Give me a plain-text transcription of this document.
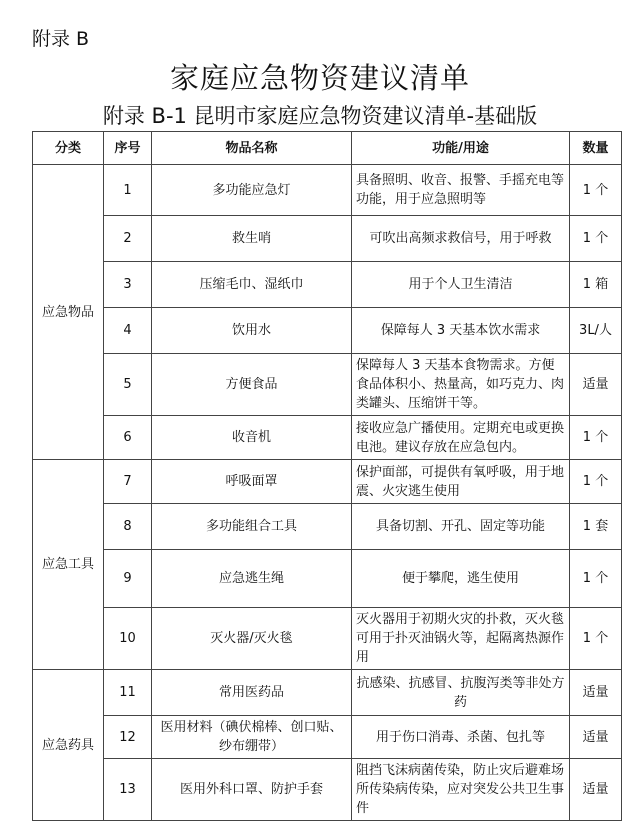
附录 B
家庭应急物资建议清单
附录 B-1 昆明市家庭应急物资建议清单-基础版
分类	序号	物品名称	功能/用途	数量
应急物品	1	多功能应急灯	具备照明、收音、报警、手摇充电等功能，用于应急照明等	1 个
	2	救生哨	可吹出高频求救信号，用于呼救	1 个
	3	压缩毛巾、湿纸巾	用于个人卫生清洁	1 箱
	4	饮用水	保障每人 3 天基本饮水需求	3L/人
	5	方便食品	保障每人 3 天基本食物需求。方便食品体积小、热量高，如巧克力、肉类罐头、压缩饼干等。	适量
	6	收音机	接收应急广播使用。定期充电或更换电池。建议存放在应急包内。	1 个
应急工具	7	呼吸面罩	保护面部，可提供有氧呼吸，用于地震、火灾逃生使用	1 个
	8	多功能组合工具	具备切割、开孔、固定等功能	1 套
	9	应急逃生绳	便于攀爬，逃生使用	1 个
	10	灭火器/灭火毯	灭火器用于初期火灾的扑救，灭火毯可用于扑灭油锅火等，起隔离热源作用	1 个
应急药具	11	常用医药品	抗感染、抗感冒、抗腹泻类等非处方药	适量
	12	医用材料（碘伏棉棒、创口贴、纱布绷带）	用于伤口消毒、杀菌、包扎等	适量
	13	医用外科口罩、防护手套	阻挡飞沫病菌传染，防止灾后避难场所传染病传染，应对突发公共卫生事件	适量
